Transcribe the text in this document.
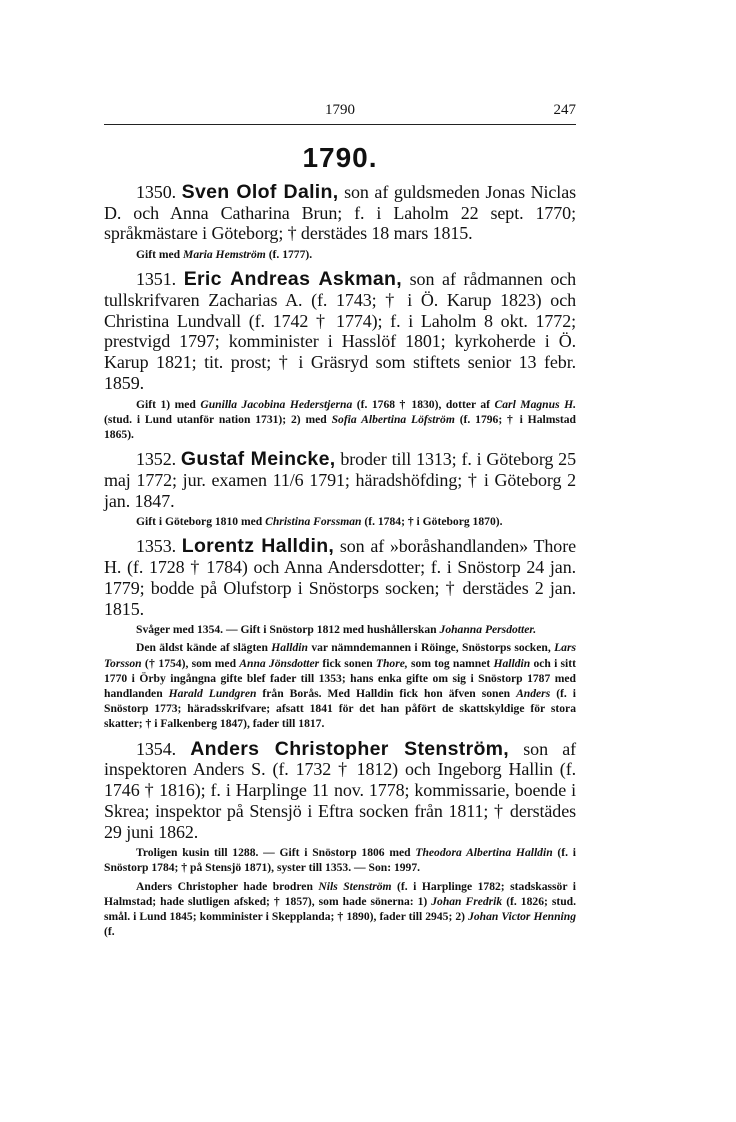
1790	247
1790.

1350. Sven Olof Dalin, son af guldsmeden Jonas Niclas D. och Anna Catharina Brun; f. i Laholm 22 sept. 1770; språkmästare i Göteborg; † derstädes 18 mars 1815.

Gift med Maria Hemström (f. 1777).

1351. Eric Andreas Askman, son af rådmannen och tullskrifvaren Zacharias A. (f. 1743; † i Ö. Karup 1823) och Christina Lundvall (f. 1742 † 1774); f. i Laholm 8 okt. 1772; prestvigd 1797; komminister i Hasslöf 1801; kyrkoherde i Ö. Karup 1821; tit. prost; † i Gräsryd som stiftets senior 13 febr. 1859.

Gift 1) med Gunilla Jacobina Hederstjerna (f. 1768 † 1830), dotter af Carl Magnus H. (stud. i Lund utanför nation 1731); 2) med Sofia Albertina Löfström (f. 1796; † i Halmstad 1865).

1352. Gustaf Meincke, broder till 1313; f. i Göteborg 25 maj 1772; jur. examen 11/6 1791; häradshöfding; † i Göteborg 2 jan. 1847.

Gift i Göteborg 1810 med Christina Forssman (f. 1784; † i Göteborg 1870).

1353. Lorentz Halldin, son af »boråshandlanden» Thore H. (f. 1728 † 1784) och Anna Andersdotter; f. i Snöstorp 24 jan. 1779; bodde på Olufstorp i Snöstorps socken; † derstädes 2 jan. 1815.

Svåger med 1354. — Gift i Snöstorp 1812 med hushållerskan Johanna Persdotter.

Den äldst kände af slägten Halldin var nämndemannen i Röinge, Snöstorps socken, Lars Torsson († 1754), som med Anna Jönsdotter fick sonen Thore, som tog namnet Halldin och i sitt 1770 i Örby ingångna gifte blef fader till 1353; hans enka gifte om sig i Snöstorp 1787 med handlanden Harald Lundgren från Borås. Med Halldin fick hon äfven sonen Anders (f. i Snöstorp 1773; häradsskrifvare; afsatt 1841 för det han påfört de skattskyldige för stora skatter; † i Falkenberg 1847), fader till 1817.

1354. Anders Christopher Stenström, son af inspektoren Anders S. (f. 1732 † 1812) och Ingeborg Hallin (f. 1746 † 1816); f. i Harplinge 11 nov. 1778; kommissarie, boende i Skrea; inspektor på Stensjö i Eftra socken från 1811; † derstädes 29 juni 1862.

Troligen kusin till 1288. — Gift i Snöstorp 1806 med Theodora Albertina Halldin (f. i Snöstorp 1784; † på Stensjö 1871), syster till 1353. — Son: 1997.

Anders Christopher hade brodren Nils Stenström (f. i Harplinge 1782; stadskassör i Halmstad; hade slutligen afsked; † 1857), som hade sönerna: 1) Johan Fredrik (f. 1826; stud. smål. i Lund 1845; komminister i Skepplanda; † 1890), fader till 2945; 2) Johan Victor Henning (f.
